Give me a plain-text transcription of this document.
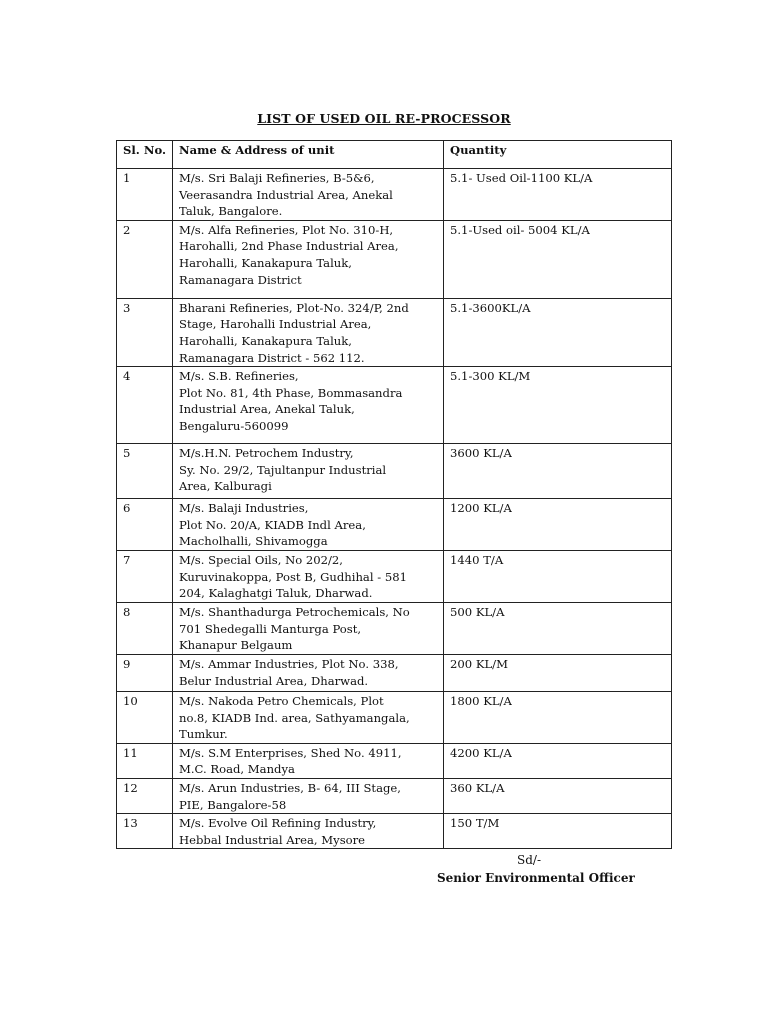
LIST OF USED OIL RE-PROCESSOR
Sl. No.	Name & Address of unit	Quantity
1	M/s. Sri Balaji Refineries, B-5&6,
Veerasandra Industrial Area, Anekal
Taluk, Bangalore.	5.1- Used Oil-1100 KL/A
2	M/s. Alfa Refineries, Plot No. 310-H,
Harohalli, 2nd Phase Industrial Area,
Harohalli, Kanakapura Taluk,
Ramanagara District	5.1-Used oil- 5004 KL/A
3	Bharani Refineries, Plot-No. 324/P, 2nd
Stage, Harohalli Industrial Area,
Harohalli, Kanakapura Taluk,
Ramanagara District - 562 112.	5.1-3600KL/A
4	M/s. S.B. Refineries,
Plot No. 81, 4th Phase, Bommasandra
Industrial Area, Anekal Taluk,
Bengaluru-560099	5.1-300 KL/M
5	M/s.H.N. Petrochem Industry,
Sy. No. 29/2, Tajultanpur Industrial
Area, Kalburagi	3600 KL/A
6	M/s. Balaji Industries,
Plot No. 20/A, KIADB Indl Area,
Macholhalli, Shivamogga	1200 KL/A
7	M/s. Special Oils, No 202/2,
Kuruvinakoppa, Post B, Gudhihal - 581
204, Kalaghatgi Taluk, Dharwad.	1440 T/A
8	M/s. Shanthadurga Petrochemicals, No
701 Shedegalli Manturga Post,
Khanapur Belgaum	500 KL/A
9	M/s. Ammar Industries, Plot No. 338,
Belur Industrial Area, Dharwad.	200 KL/M
10	M/s. Nakoda Petro Chemicals, Plot
no.8, KIADB Ind. area, Sathyamangala,
Tumkur.	1800 KL/A
11	M/s. S.M Enterprises, Shed No. 4911,
M.C. Road, Mandya	4200 KL/A
12	M/s. Arun Industries, B- 64, III Stage,
PIE, Bangalore-58	360 KL/A
13	M/s. Evolve Oil Refining Industry,
Hebbal Industrial Area, Mysore	150 T/M
Sd/-
Senior Environmental Officer
